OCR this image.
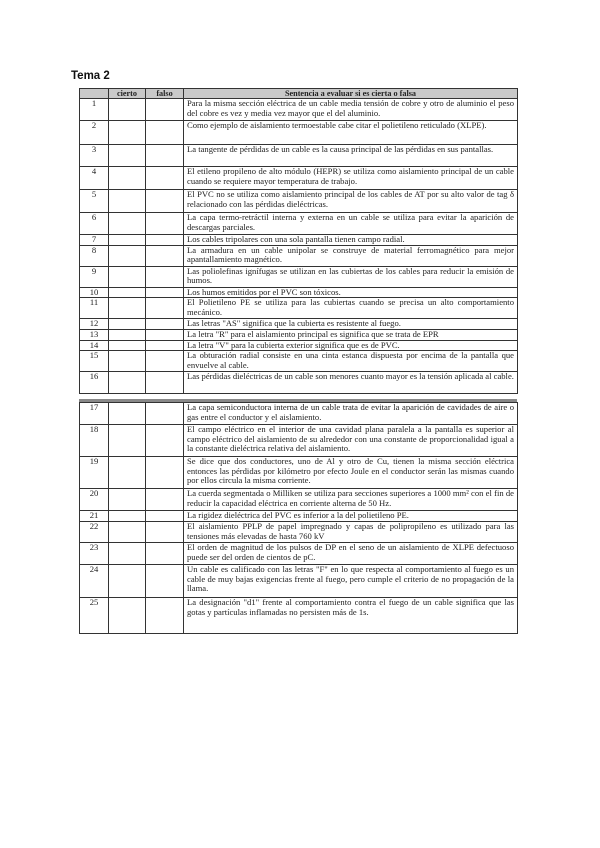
Tema 2
	cierto	falso	Sentencia a evaluar si es cierta o falsa
1			Para la misma sección eléctrica de un cable media tensión de cobre y otro de aluminio el peso del cobre es vez y media vez mayor que el del aluminio.
2			Como ejemplo de aislamiento termoestable cabe citar el polietileno reticulado (XLPE).
3			La tangente de pérdidas de un cable es la causa principal de las pérdidas en sus pantallas.
4			El etileno propileno de alto módulo (HEPR) se utiliza como aislamiento principal de un cable cuando se requiere mayor temperatura de trabajo.
5			El PVC no se utiliza como aislamiento principal de los cables de AT por su alto valor de tag δ relacionado con las pérdidas dieléctricas.
6			La capa termo-retráctil interna y externa en un cable se utiliza para evitar la aparición de descargas parciales.
7			Los cables tripolares con una sola pantalla tienen campo radial.
8			La armadura en un cable unipolar se construye de material ferromagnético para mejor apantallamiento magnético.
9			Las poliolefinas ignífugas se utilizan en las cubiertas de los cables para reducir la emisión de humos.
10			Los humos emitidos por el PVC son tóxicos.
11			El Polietileno PE se utiliza para las cubiertas cuando se precisa un alto comportamiento mecánico.
12			Las letras "AS" significa que la cubierta es resistente al fuego.
13			La letra "R" para el aislamiento principal es significa que se trata de EPR
14			La letra "V" para la cubierta exterior significa que es de PVC.
15			La obturación radial consiste en una cinta estanca dispuesta por encima de la pantalla que envuelve al cable.
16			Las pérdidas dieléctricas de un cable son menores cuanto mayor es la tensión aplicada al cable.
17			La capa semiconductora interna de un cable trata de evitar la aparición de cavidades de aire o gas entre el conductor y el aislamiento.
18			El campo eléctrico en el interior de una cavidad plana paralela a la pantalla es superior al campo eléctrico del aislamiento de su alrededor con una constante de proporcionalidad igual a la constante dieléctrica relativa del aislamiento.
19			Se dice que dos conductores, uno de Al y otro de Cu, tienen la misma sección eléctrica entonces las pérdidas por kilómetro por efecto Joule en el conductor serán las mismas cuando por ellos circula la misma corriente.
20			La cuerda segmentada o Milliken se utiliza para secciones superiores a 1000 mm² con el fin de reducir la capacidad eléctrica en corriente alterna de 50 Hz.
21			La rigidez dieléctrica del PVC es inferior a la del polietileno PE.
22			El aislamiento PPLP de papel impregnado y capas de polipropileno es utilizado para las tensiones más elevadas de hasta 760 kV
23			El orden de magnitud de los pulsos de DP en el seno de un aislamiento de XLPE defectuoso puede ser del orden de cientos de pC.
24			Un cable es calificado con las letras "F" en lo que respecta al comportamiento al fuego es un cable de muy bajas exigencias frente al fuego, pero cumple el criterio de no propagación de la llama.
25			La designación "d1" frente al comportamiento contra el fuego de un cable significa que las gotas y partículas inflamadas no persisten más de 1s.
